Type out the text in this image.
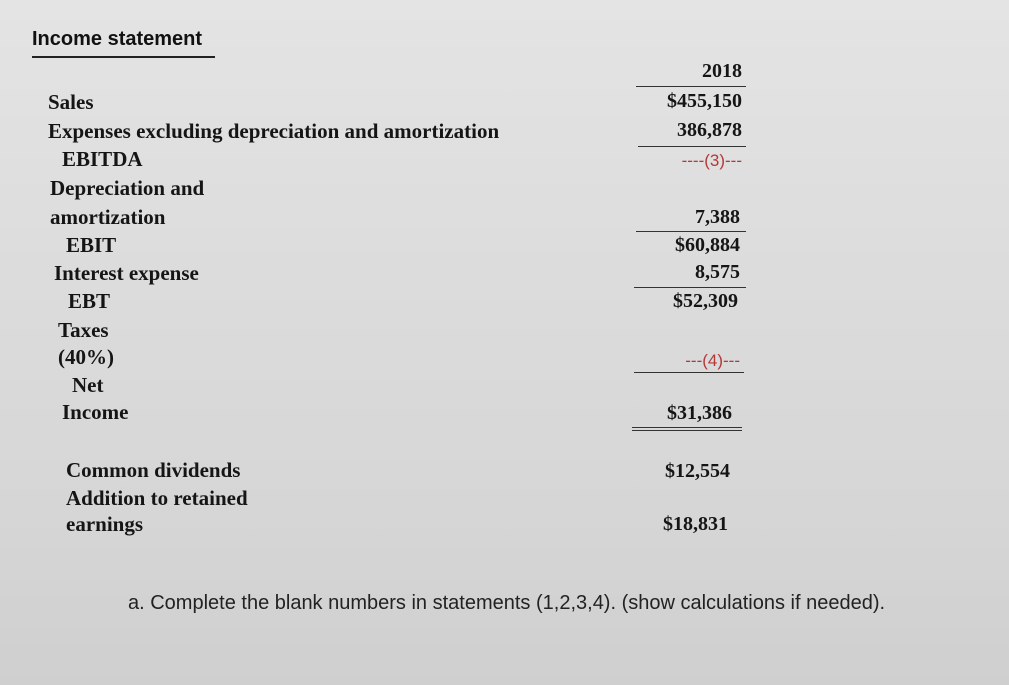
Income statement
2018
Sales	$455,150
Expenses excluding depreciation and amortization	386,878
EBITDA	----(3)---
Depreciation and
amortization	7,388
EBIT	$60,884
Interest expense	8,575
EBT	$52,309
Taxes
(40%)	---(4)---
Net
Income	$31,386
Common dividends	$12,554
Addition to retained
earnings	$18,831
a. Complete the blank numbers in statements (1,2,3,4). (show calculations if needed).
